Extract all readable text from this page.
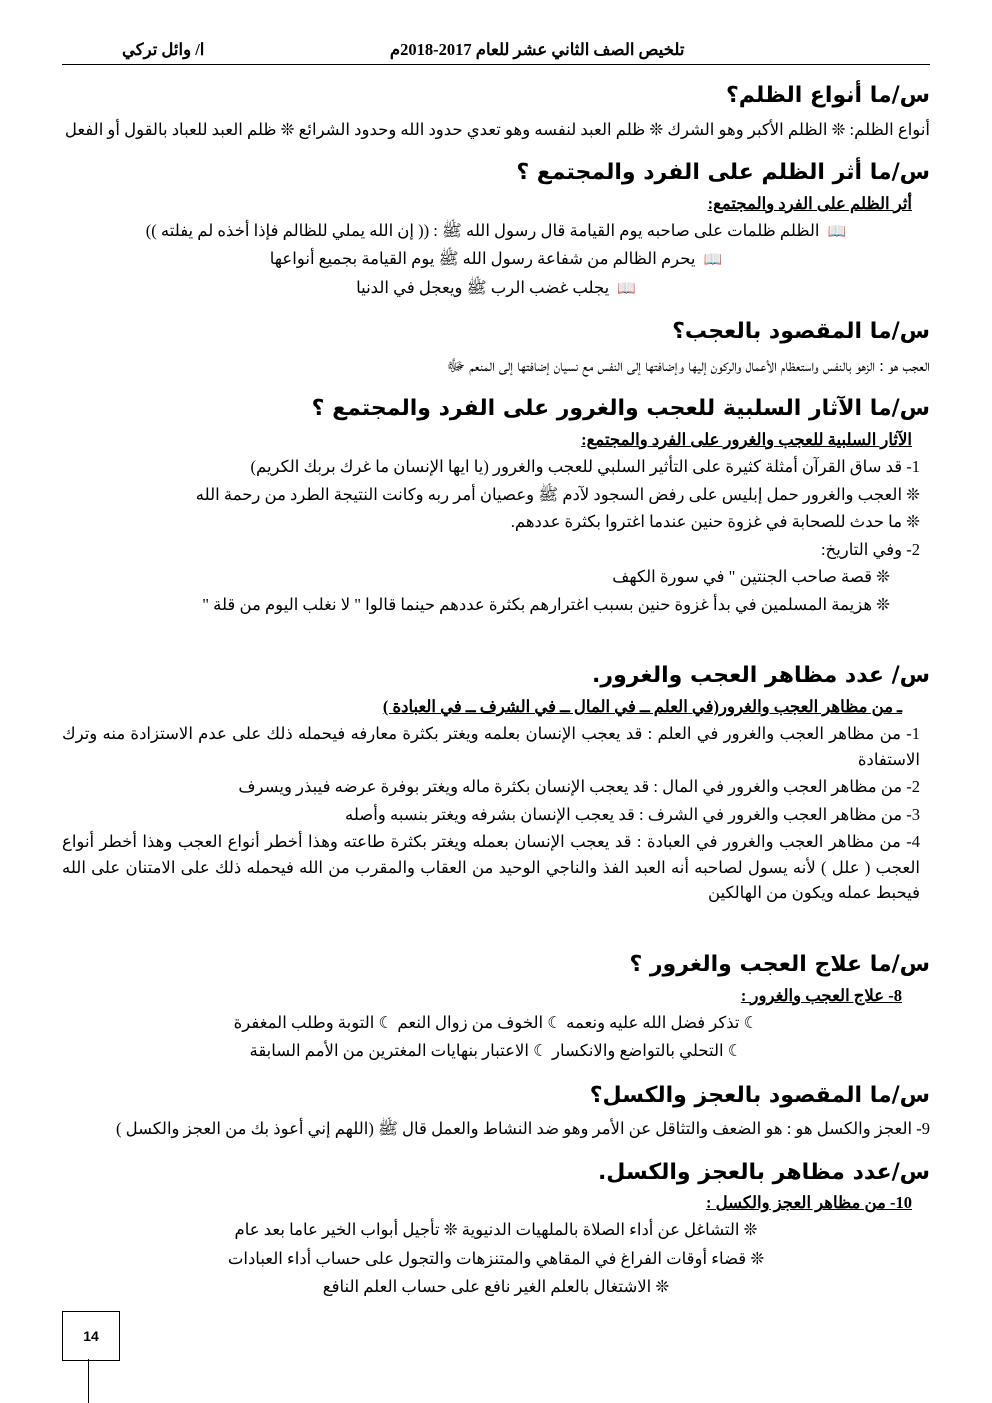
ا/ وائل تركي	تلخيص الصف الثاني عشر للعام 2017-2018م
س/ما أنواع الظلم؟

أنواع الظلم: ❊ الظلم الأكبر وهو الشرك ❊ ظلم العبد لنفسه وهو تعدي حدود الله وحدود الشرائع ❊ ظلم العبد للعباد بالقول أو الفعل

س/ما أثر الظلم على الفرد والمجتمع ؟
أثر الظلم على الفرد والمجتمع:
📖الظلم ظلمات على صاحبه يوم القيامة قال رسول الله ﷺ : (( إن الله يملي للظالم فإذا أخذه لم يفلته ))
📖يحرم الظالم من شفاعة رسول الله ﷺ يوم القيامة بجميع أنواعها
📖يجلب غضب الرب ﷺ ويعجل في الدنيا
س/ما المقصود بالعجب؟

العجب هو : الزهو بالنفس واستعظام الأعمال والركون إليها وإضافتها إلى النفس مع نسيان إضافتها إلى المنعم ﷻ

س/ما الآثار السلبية للعجب والغرور على الفرد والمجتمع ؟
الآثار السلبية للعجب والغرور على الفرد والمجتمع:

1- قد ساق القرآن أمثلة كثيرة على التأثير السلبي للعجب والغرور (يا ايها الإنسان ما غرك بربك الكريم)

❊ العجب والغرور حمل إبليس على رفض السجود لآدم ﷺ وعصيان أمر ربه وكانت النتيجة الطرد من رحمة الله

❊ ما حدث للصحابة في غزوة حنين عندما اغتروا بكثرة عددهم.

2- وفي التاريخ:

❊ قصة صاحب الجنتين " في سورة الكهف

❊ هزيمة المسلمين في بدأ غزوة حنين بسبب اغترارهم بكثرة عددهم حينما قالوا " لا نغلب اليوم من قلة "

س/ عدد مظاهر العجب والغرور.
ـ من مظاهر العجب والغرور(في العلم ــ في المال ــ في الشرف ــ في العبادة )

1- من مظاهر العجب والغرور في العلم : قد يعجب الإنسان بعلمه ويغتر بكثرة معارفه فيحمله ذلك على عدم الاستزادة منه وترك الاستفادة

2- من مظاهر العجب والغرور في المال : قد يعجب الإنسان بكثرة ماله ويغتر بوفرة عرضه فيبذر ويسرف

3- من مظاهر العجب والغرور في الشرف : قد يعجب الإنسان بشرفه ويغتر بنسبه وأصله

4- من مظاهر العجب والغرور في العبادة : قد يعجب الإنسان بعمله ويغتر بكثرة طاعته وهذا أخطر أنواع العجب وهذا أخطر أنواع العجب ( علل ) لأنه يسول لصاحبه أنه العبد الفذ والناجي الوحيد من العقاب والمقرب من الله فيحمله ذلك على الامتنان على الله فيحبط عمله ويكون من الهالكين

س/ما علاج العجب والغرور ؟
8- علاج العجب والغرور :
☾ تذكر فضل الله عليه ونعمه ☾ الخوف من زوال النعم ☾ التوبة وطلب المغفرة
☾ التحلي بالتواضع والانكسار ☾ الاعتبار بنهايات المغترين من الأمم السابقة
س/ما المقصود بالعجز والكسل؟

9- العجز والكسل هو : هو الضعف والتثاقل عن الأمر وهو ضد النشاط والعمل قال ﷺ (اللهم إني أعوذ بك من العجز والكسل )

س/عدد مظاهر بالعجز والكسل.
10- من مظاهر العجز والكسل :
❊ التشاغل عن أداء الصلاة بالملهيات الدنيوية ❊ تأجيل أبواب الخير عاما بعد عام
❊ قضاء أوقات الفراغ في المقاهي والمتنزهات والتجول على حساب أداء العبادات
❊ الاشتغال بالعلم الغير نافع على حساب العلم النافع
14
